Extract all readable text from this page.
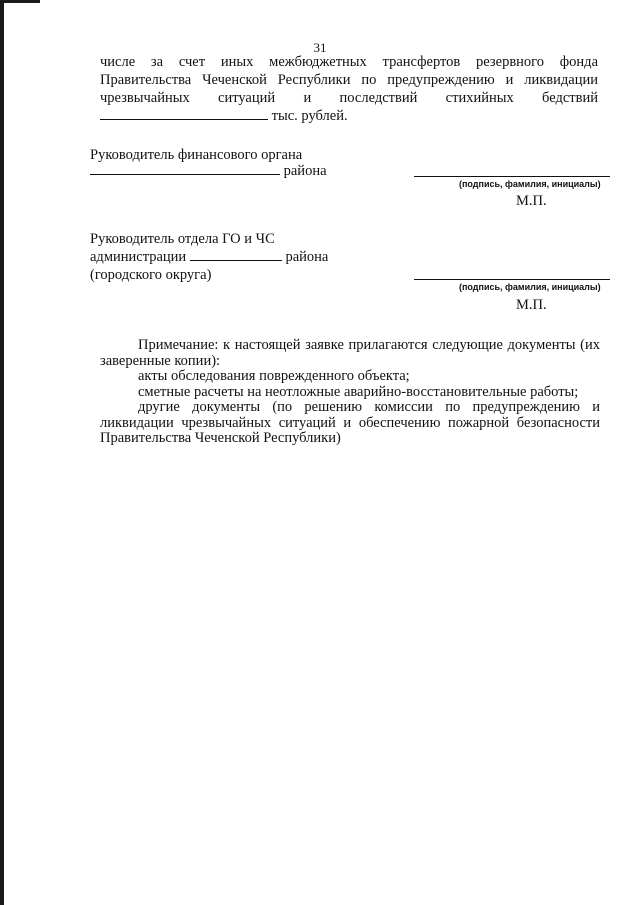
31
числе за счет иных межбюджетных трансфертов резервного фонда
Правительства Чеченской Республики по предупреждению и ликвидации
чрезвычайных ситуаций и последствий стихийных бедствий
тыс. рублей.
Руководитель финансового органа
района
(подпись, фамилия, инициалы)
М.П.
Руководитель отдела ГО и ЧС
администрации	района
(городского округа)
(подпись, фамилия, инициалы)
М.П.

Примечание: к настоящей заявке прилагаются следующие документы (их заверенные копии):

акты обследования поврежденного объекта;

сметные расчеты на неотложные аварийно-восстановительные работы;

другие документы (по решению комиссии по предупреждению и ликвидации чрезвычайных ситуаций и обеспечению пожарной безопасности Правительства Чеченской Республики)
